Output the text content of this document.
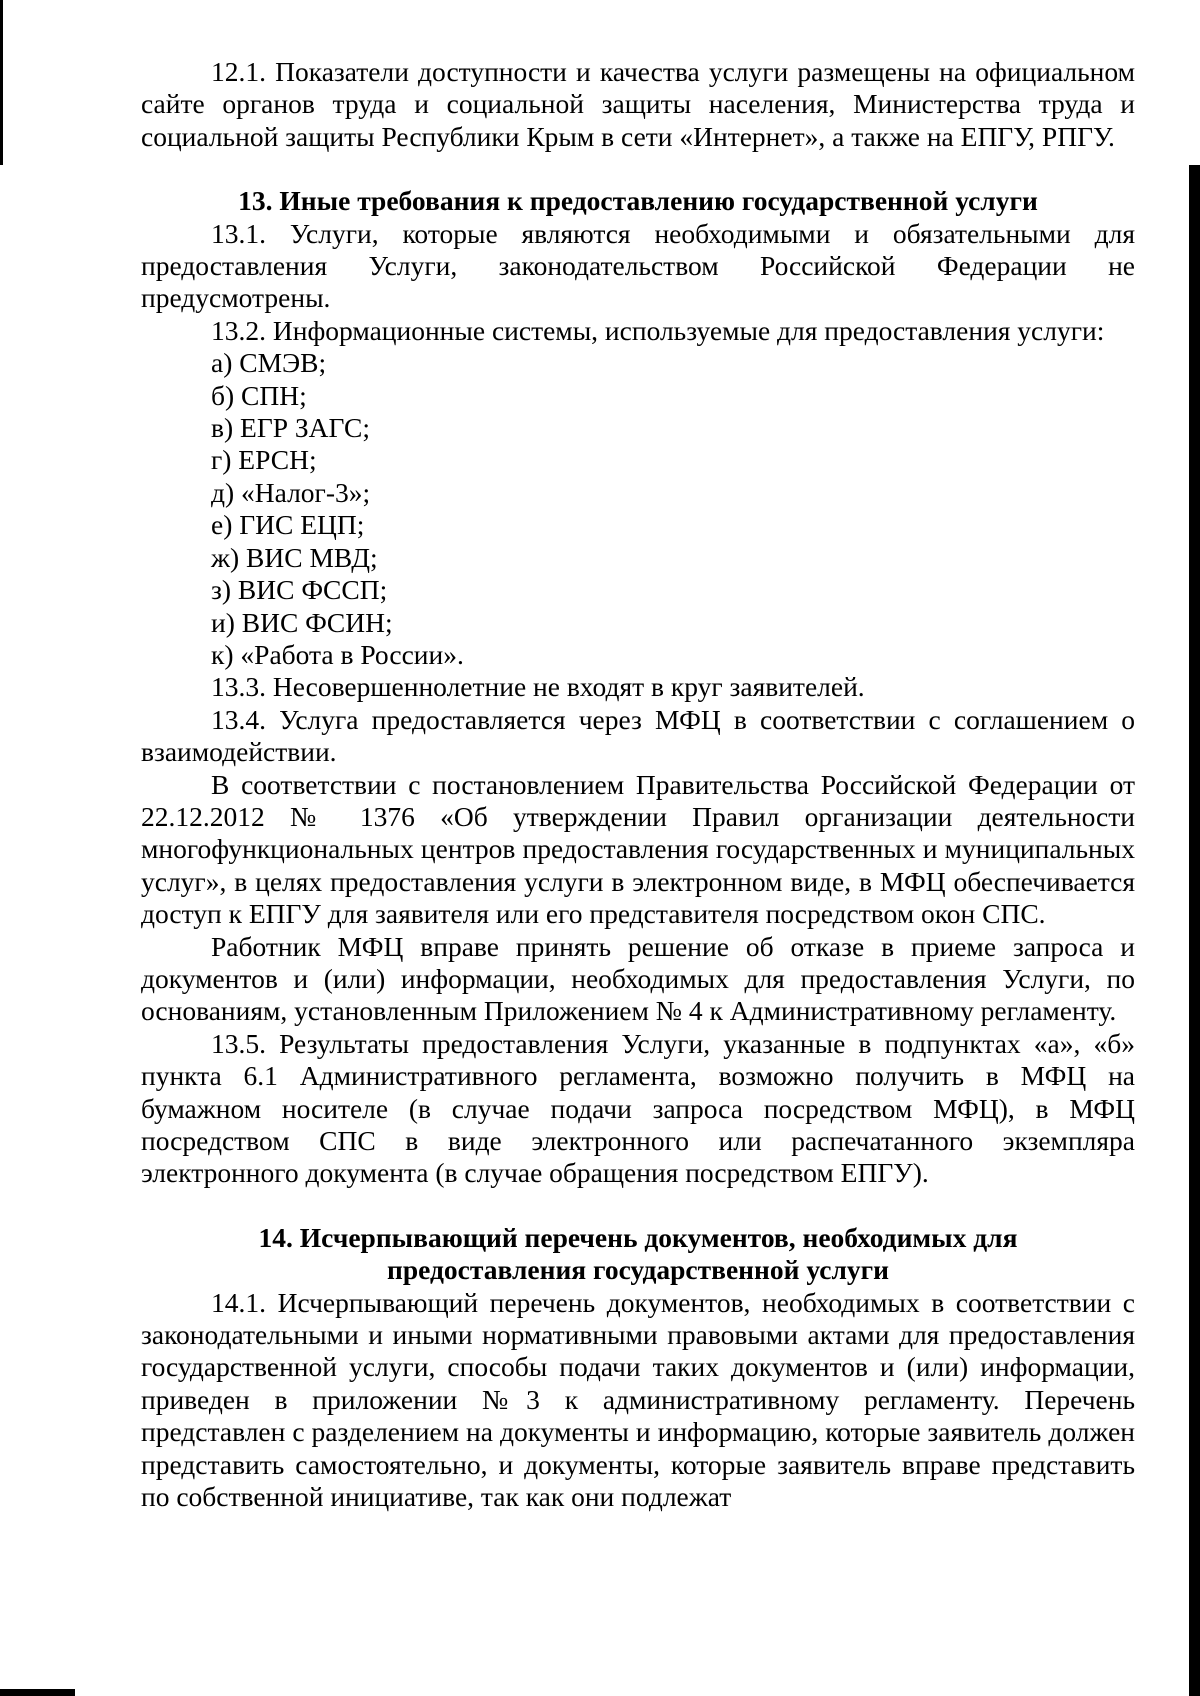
12.1. Показатели доступности и качества услуги размещены на официальном сайте органов труда и социальной защиты населения, Министерства труда и социальной защиты Республики Крым в сети «Интернет», а также на ЕПГУ, РПГУ.

13. Иные требования к предоставлению государственной услуги

13.1. Услуги, которые являются необходимыми и обязательными для предоставления Услуги, законодательством Российской Федерации не предусмотрены.

13.2. Информационные системы, используемые для предоставления услуги:

а) СМЭВ;
б) СПН;
в) ЕГР ЗАГС;
г) ЕРСН;
д) «Налог-3»;
е) ГИС ЕЦП;
ж) ВИС МВД;
з) ВИС ФССП;
и) ВИС ФСИН;
к) «Работа в России».

13.3. Несовершеннолетние не входят в круг заявителей.

13.4. Услуга предоставляется через МФЦ в соответствии с соглашением о взаимодействии.

В соответствии с постановлением Правительства Российской Федерации от 22.12.2012 № 1376 «Об утверждении Правил организации деятельности многофункциональных центров предоставления государственных и муниципальных услуг», в целях предоставления услуги в электронном виде, в МФЦ обеспечивается доступ к ЕПГУ для заявителя или его представителя посредством окон СПС.

Работник МФЦ вправе принять решение об отказе в приеме запроса и документов и (или) информации, необходимых для предоставления Услуги, по основаниям, установленным Приложением № 4 к Административному регламенту.

13.5. Результаты предоставления Услуги, указанные в подпунктах «а», «б» пункта 6.1 Административного регламента, возможно получить в МФЦ на бумажном носителе (в случае подачи запроса посредством МФЦ), в МФЦ посредством СПС в виде электронного или распечатанного экземпляра электронного документа (в случае обращения посредством ЕПГУ).

14. Исчерпывающий перечень документов, необходимых для
предоставления государственной услуги

14.1. Исчерпывающий перечень документов, необходимых в соответствии с законодательными и иными нормативными правовыми актами для предоставления государственной услуги, способы подачи таких документов и (или) информации, приведен в приложении №3 к административному регламенту. Перечень представлен с разделением на документы и информацию, которые заявитель должен представить самостоятельно, и документы, которые заявитель вправе представить по собственной инициативе, так как они подлежат
